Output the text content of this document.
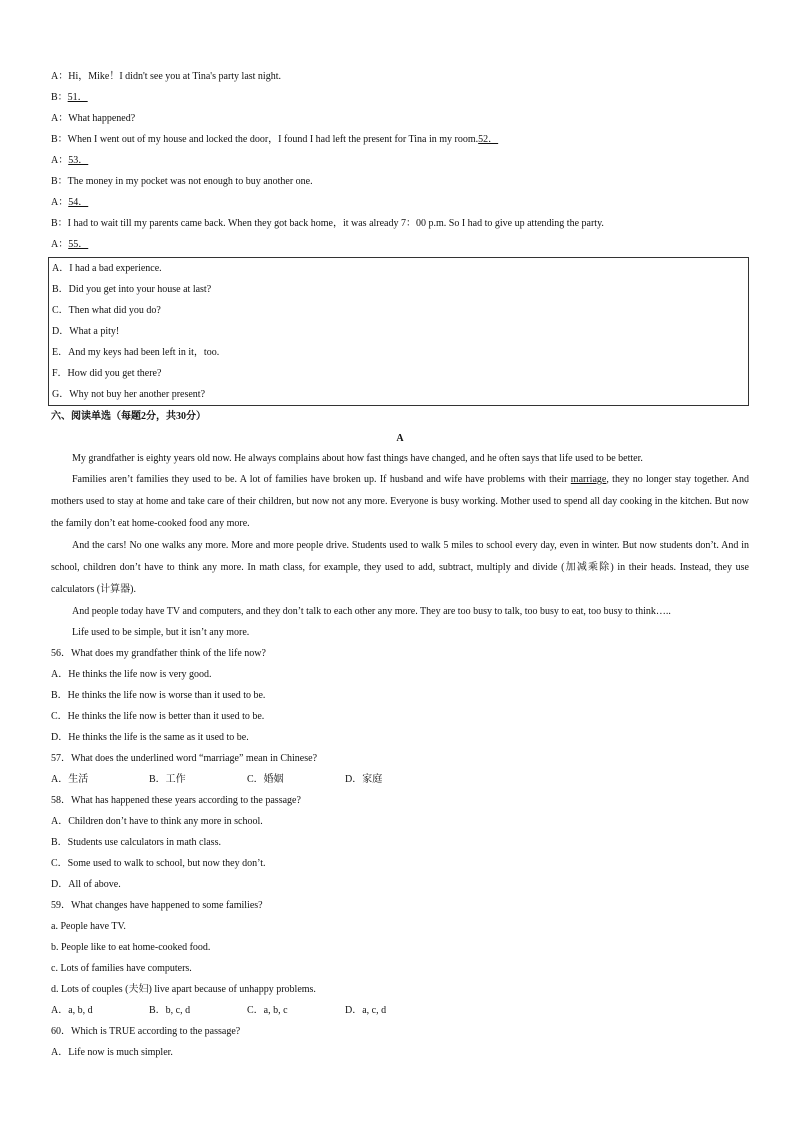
A：Hi，Mike！I didn't see you at Tina's party last night.
B：51．
A：What happened?
B：When I went out of my house and locked the door，I found I had left the present for Tina in my room.52．
A：53．
B：The money in my pocket was not enough to buy another one.
A：54．
B：I had to wait till my parents came back. When they got back home，it was already 7：00 p.m. So I had to give up attending the party.
A：55．
A．I had a bad experience.
B．Did you get into your house at last?
C．Then what did you do?
D．What a pity!
E．And my keys had been left in it，too.
F．How did you get there?
G．Why not buy her another present?
六、阅读单选（每题2分，共30分）
A
My grandfather is eighty years old now. He always complains about how fast things have changed, and he often says that life used to be better.
Families aren’t families they used to be. A lot of families have broken up. If husband and wife have problems with their marriage, they no longer stay together. And mothers used to stay at home and take care of their children, but now not any more. Everyone is busy working. Mother used to spend all day cooking in the kitchen. But now the family don’t eat home-cooked food any more.
And the cars! No one walks any more. More and more people drive. Students used to walk 5 miles to school every day, even in winter. But now students don’t. And in school, children don’t have to think any more. In math class, for example, they used to add, subtract, multiply and divide (加减乘除) in their heads. Instead, they use calculators (计算器).
And people today have TV and computers, and they don’t talk to each other any more. They are too busy to talk, too busy to eat, too busy to think…..
Life used to be simple, but it isn’t any more.
56．What does my grandfather think of the life now?
A．He thinks the life now is very good.
B．He thinks the life now is worse than it used to be.
C．He thinks the life now is better than it used to be.
D．He thinks the life is the same as it used to be.
57．What does the underlined word “marriage” mean in Chinese?
A．生活	B．工作	C．婚姻	D．家庭
58．What has happened these years according to the passage?
A．Children don’t have to think any more in school.
B．Students use calculators in math class.
C．Some used to walk to school, but now they don’t.
D．All of above.
59．What changes have happened to some families?
a. People have TV.
b. People like to eat home-cooked food.
c. Lots of families have computers.
d. Lots of couples (夫妇) live apart because of unhappy problems.
A．a, b, d	B．b, c, d	C．a, b, c	D．a, c, d
60．Which is TRUE according to the passage?
A．Life now is much simpler.
